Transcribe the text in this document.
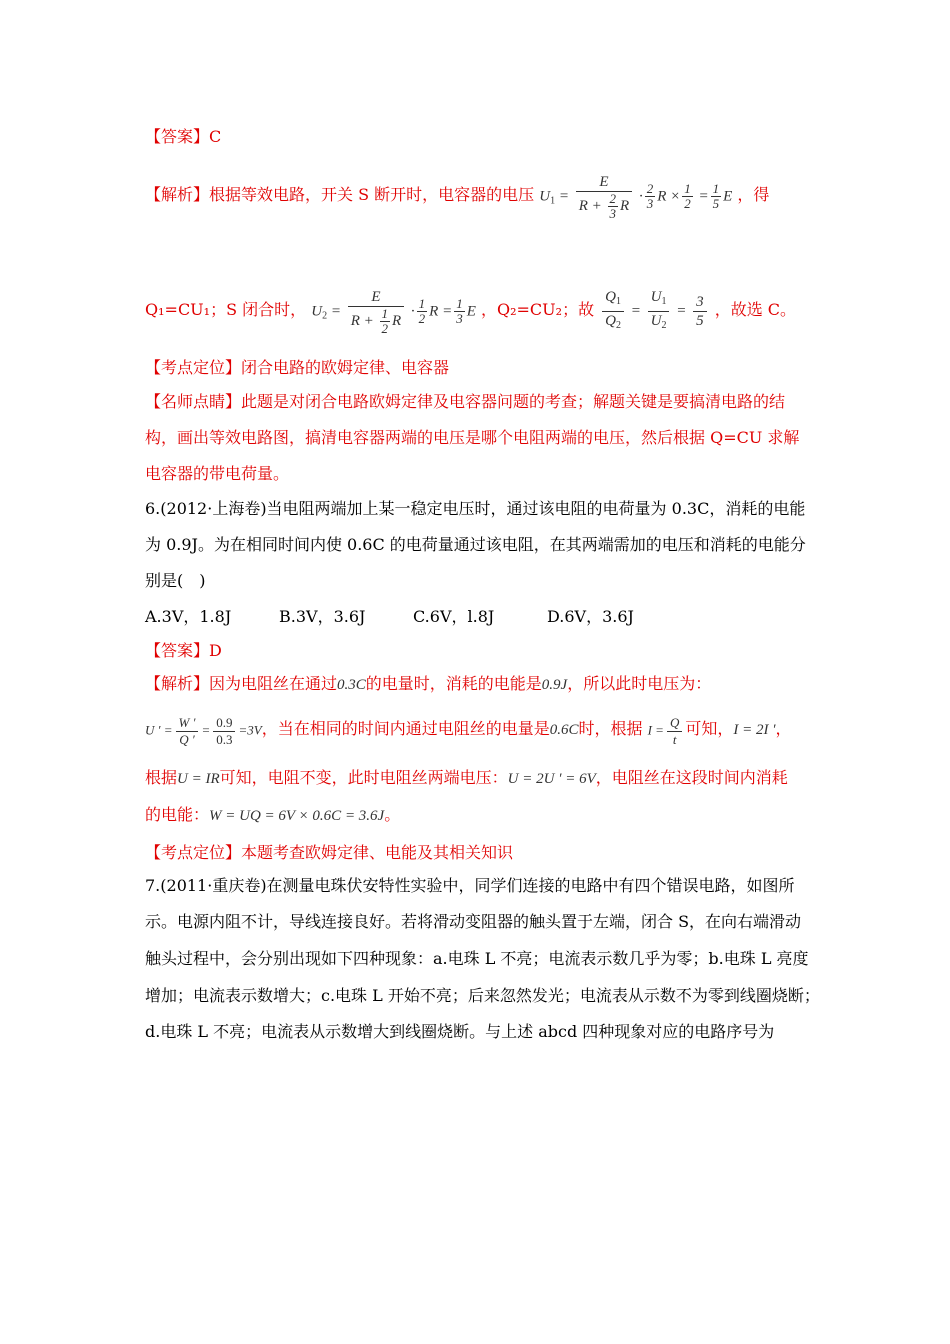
【答案】C
【解析】根据等效电路，开关 S 断开时，电容器的电压 $U_1 = \frac{E}{R + \frac{2}{3} R} \cdot \frac{2}{3}$ $R \times \frac{1}{2} = \frac{1}{5}$ E ，得
Q₁=CU₁；S 闭合时， $U_2 = \frac{E}{R + \frac{1}{2} R} \cdot \frac{1}{2}$ $R = \frac{1}{3}$ E ，Q₂=CU₂；故 $\frac{Q_1}{Q_2} = \frac{U_1}{U_2} = \frac{3}{5}$ ，故选 C。
【考点定位】闭合电路的欧姆定律、电容器
【名师点睛】此题是对闭合电路欧姆定律及电容器问题的考查；解题关键是要搞清电路的结
构，画出等效电路图，搞清电容器两端的电压是哪个电阻两端的电压，然后根据 Q=CU 求解
电容器的带电荷量。
6.(2012·上海卷)当电阻两端加上某一稳定电压时，通过该电阻的电荷量为 0.3C，消耗的电能
为 0.9J。为在相同时间内使 0.6C 的电荷量通过该电阻，在其两端需加的电压和消耗的电能分
别是(　)
A.3V，1.8J	B.3V，3.6J	C.6V，l.8J	D.6V，3.6J
【答案】D
【解析】因为电阻丝在通过0.3C的电量时，消耗的电能是0.9J，所以此时电压为：
U ′ = $\frac{W '}{Q '} = \frac{0.9}{0.3} =3V$，当在相同的时间内通过电阻丝的电量是0.6C时，根据 $I = \frac{Q}{t}$ 可知，I = 2I ′，
根据U = IR可知，电阻不变，此时电阻丝两端电压：U = 2U ′ = 6V，电阻丝在这段时间内消耗
的电能：W = UQ = 6V × 0.6C = 3.6J。
【考点定位】本题考查欧姆定律、电能及其相关知识
7.(2011·重庆卷)在测量电珠伏安特性实验中，同学们连接的电路中有四个错误电路，如图所
示。电源内阻不计，导线连接良好。若将滑动变阻器的触头置于左端，闭合 S，在向右端滑动
触头过程中，会分别出现如下四种现象：a.电珠 L 不亮；电流表示数几乎为零；b.电珠 L 亮度
增加；电流表示数增大；c.电珠 L 开始不亮；后来忽然发光；电流表从示数不为零到线圈烧断；
d.电珠 L 不亮；电流表从示数增大到线圈烧断。与上述 abcd 四种现象对应的电路序号为
